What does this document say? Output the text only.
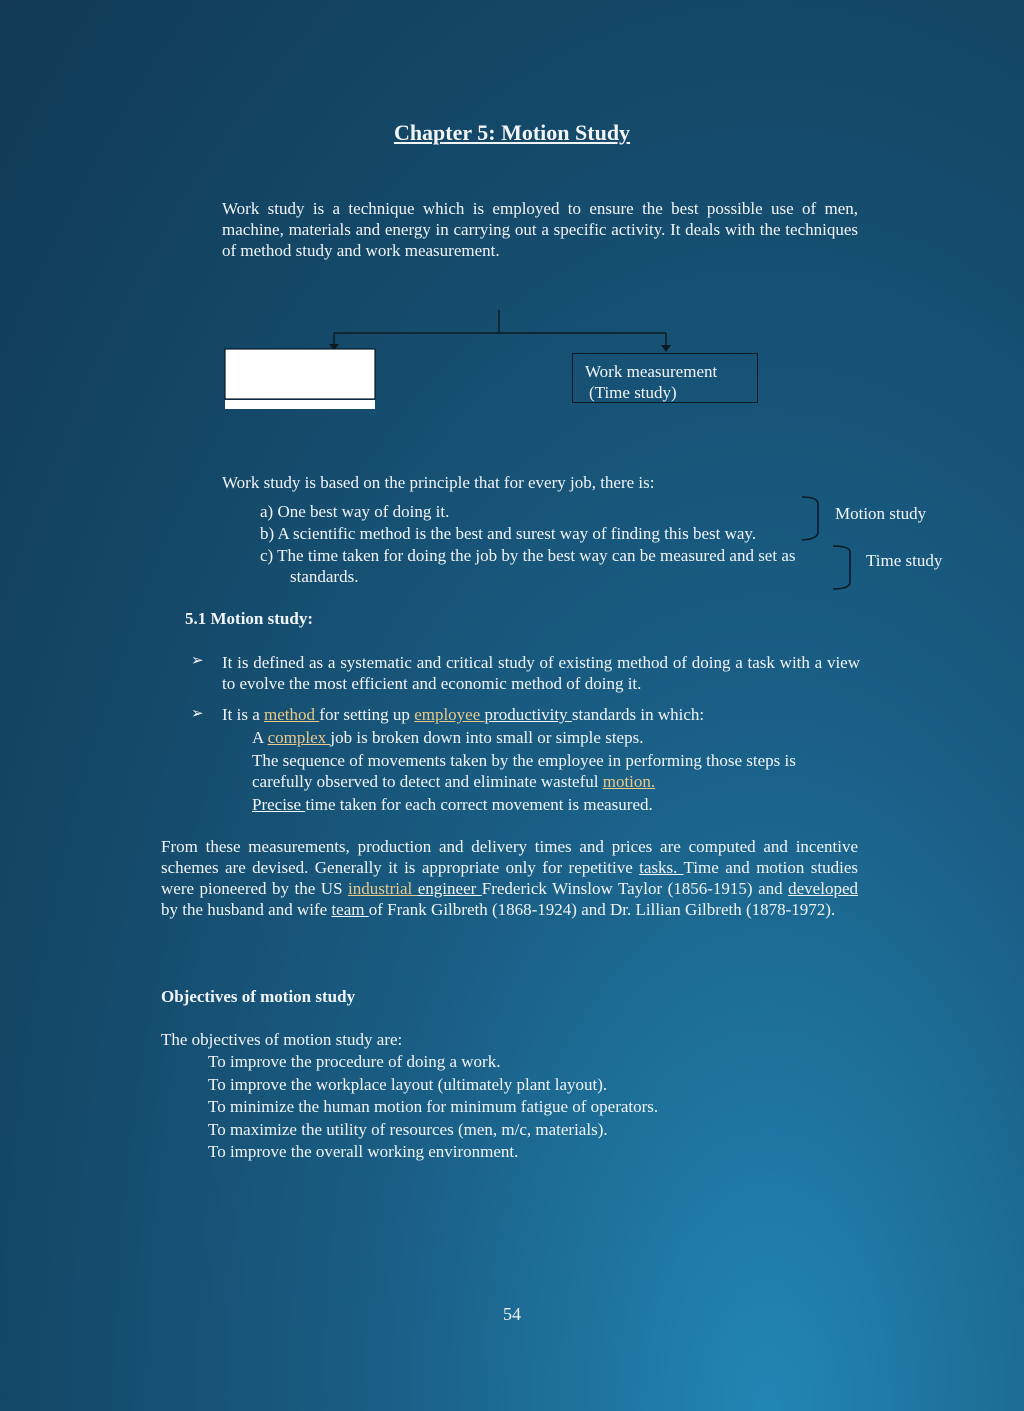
Chapter 5: Motion Study

Work study is a technique which is employed to ensure the best possible use of men, machine, materials and energy in carrying out a specific activity. It deals with the techniques of method study and work measurement.

Work measurement
(Time study)
Work study is based on the principle that for every job, there is:
a) One best way of doing it.
b) A scientific method is the best and surest way of finding this best way.
c) The time taken for doing the job by the best way can be measured and set as
standards.
Motion study
Time study
5.1 Motion study:
➢ It is defined as a systematic and critical study of existing method of doing a task with a view to evolve the most efficient and economic method of doing it.

➢ It is a method for setting up employee productivity standards in which:
A complex job is broken down into small or simple steps.
The sequence of movements taken by the employee in performing those steps is
carefully observed to detect and eliminate wasteful motion.
Precise time taken for each correct movement is measured.

From these measurements, production and delivery times and prices are computed and incentive schemes are devised. Generally it is appropriate only for repetitive tasks. Time and motion studies were pioneered by the US industrial engineer Frederick Winslow Taylor (1856-1915) and developed by the husband and wife team of Frank Gilbreth (1868-1924) and Dr. Lillian Gilbreth (1878-1972).

Objectives of motion study
The objectives of motion study are:
To improve the procedure of doing a work.
To improve the workplace layout (ultimately plant layout).
To minimize the human motion for minimum fatigue of operators.
To maximize the utility of resources (men, m/c, materials).
To improve the overall working environment.
54
